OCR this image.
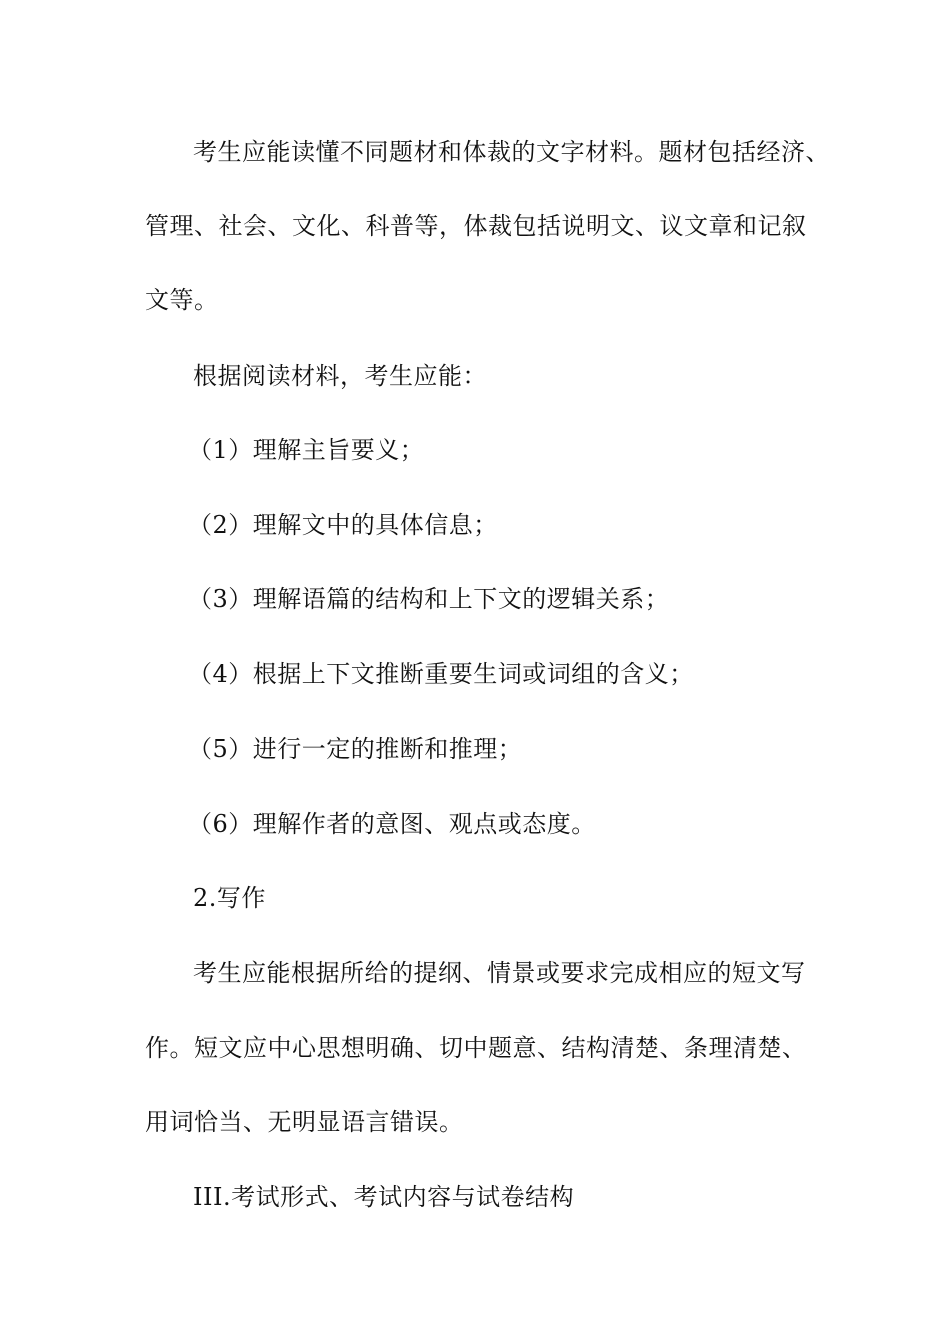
考生应能读懂不同题材和体裁的文字材料。题材包括经济、
管理、社会、文化、科普等，体裁包括说明文、议文章和记叙
文等。
根据阅读材料，考生应能：
（1）理解主旨要义；
（2）理解文中的具体信息；
（3）理解语篇的结构和上下文的逻辑关系；
（4）根据上下文推断重要生词或词组的含义；
（5）进行一定的推断和推理；
（6）理解作者的意图、观点或态度。
2.写作
考生应能根据所给的提纲、情景或要求完成相应的短文写
作。短文应中心思想明确、切中题意、结构清楚、条理清楚、
用词恰当、无明显语言错误。
III.考试形式、考试内容与试卷结构
